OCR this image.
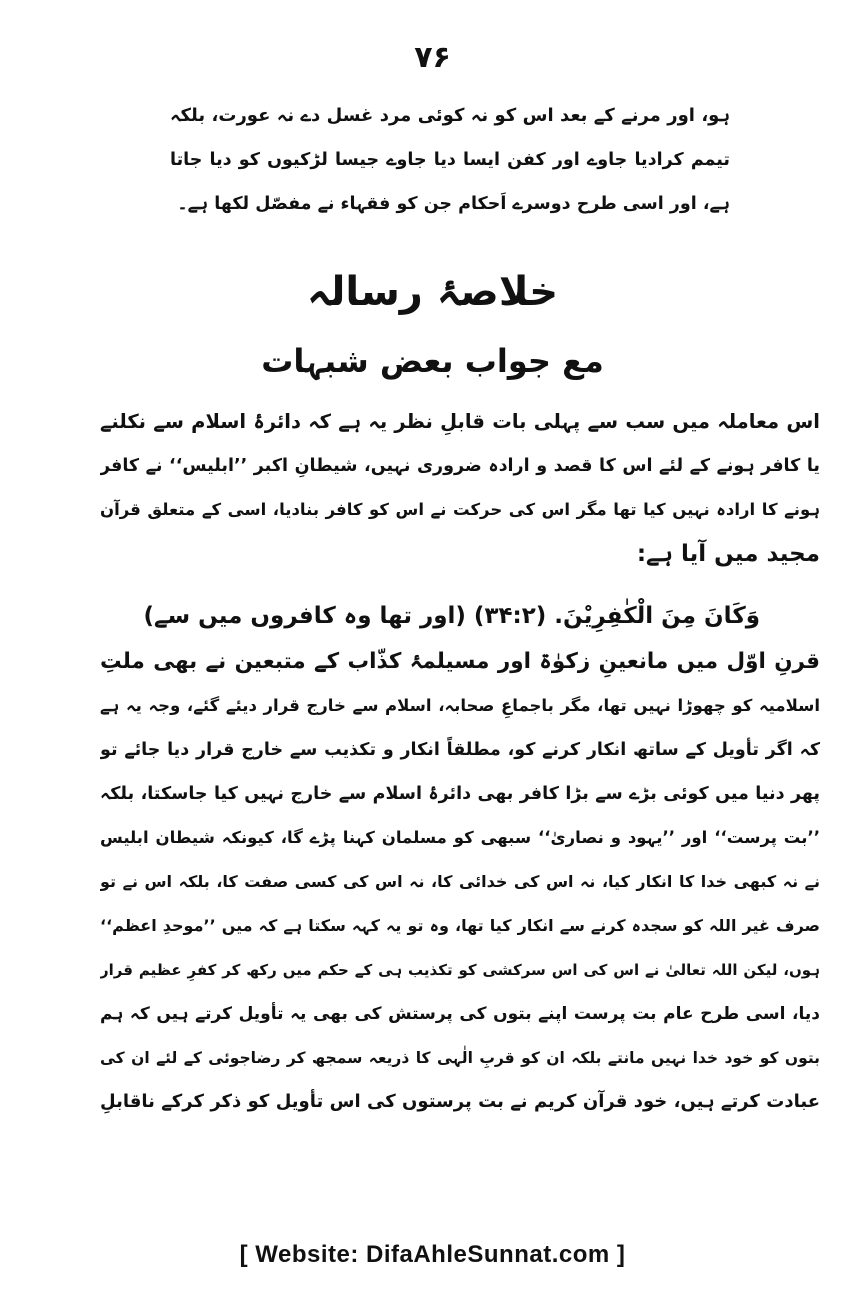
۷۶
ہو، اور مرنے کے بعد اس کو نہ کوئی مرد غسل دے نہ عورت، بلکہ
تیمم کرادیا جاوے اور کفن ایسا دیا جاوے جیسا لڑکیوں کو دیا جاتا
ہے، اور اسی طرح دوسرے اَحکام جن کو فقہاء نے مفصّل لکھا ہے۔
خلاصۂ رسالہ
مع جواب بعض شبہات
اس معاملہ میں سب سے پہلی بات قابلِ نظر یہ ہے کہ دائرۂ اسلام سے نکلنے
یا کافر ہونے کے لئے اس کا قصد و ارادہ ضروری نہیں، شیطانِ اکبر ’’ابلیس‘‘ نے کافر
ہونے کا ارادہ نہیں کیا تھا مگر اس کی حرکت نے اس کو کافر بنادیا، اسی کے متعلق قرآن
مجید میں آیا ہے:
وَكَانَ مِنَ الْكٰفِرِيْنَ. (۳۴:۲) (اور تھا وہ کافروں میں سے)
قرنِ اوّل میں مانعینِ زکوٰۃ اور مسیلمۂ کذّاب کے متبعین نے بھی ملتِ
اسلامیہ کو چھوڑا نہیں تھا، مگر باجماعِ صحابہ، اسلام سے خارج قرار دیئے گئے، وجہ یہ ہے
کہ اگر تأویل کے ساتھ انکار کرنے کو، مطلقاً انکار و تکذیب سے خارج قرار دیا جائے تو
پھر دنیا میں کوئی بڑے سے بڑا کافر بھی دائرۂ اسلام سے خارج نہیں کیا جاسکتا، بلکہ
’’بت پرست‘‘ اور ’’یہود و نصاریٰ‘‘ سبھی کو مسلمان کہنا پڑے گا، کیونکہ شیطان ابلیس
نے نہ کبھی خدا کا انکار کیا، نہ اس کی خدائی کا، نہ اس کی کسی صفت کا، بلکہ اس نے تو
صرف غیر اللہ کو سجدہ کرنے سے انکار کیا تھا، وہ تو یہ کہہ سکتا ہے کہ میں ’’موحدِ اعظم‘‘
ہوں، لیکن اللہ تعالیٰ نے اس کی اس سرکشی کو تکذیب ہی کے حکم میں رکھ کر کفرِ عظیم قرار
دیا، اسی طرح عام بت پرست اپنے بتوں کی پرستش کی بھی یہ تأویل کرتے ہیں کہ ہم
بتوں کو خود خدا نہیں مانتے بلکہ ان کو قربِ الٰہی کا ذریعہ سمجھ کر رضاجوئی کے لئے ان کی
عبادت کرتے ہیں، خود قرآن کریم نے بت پرستوں کی اس تأویل کو ذکر کرکے ناقابلِ
[ Website: DifaAhleSunnat.com ]
